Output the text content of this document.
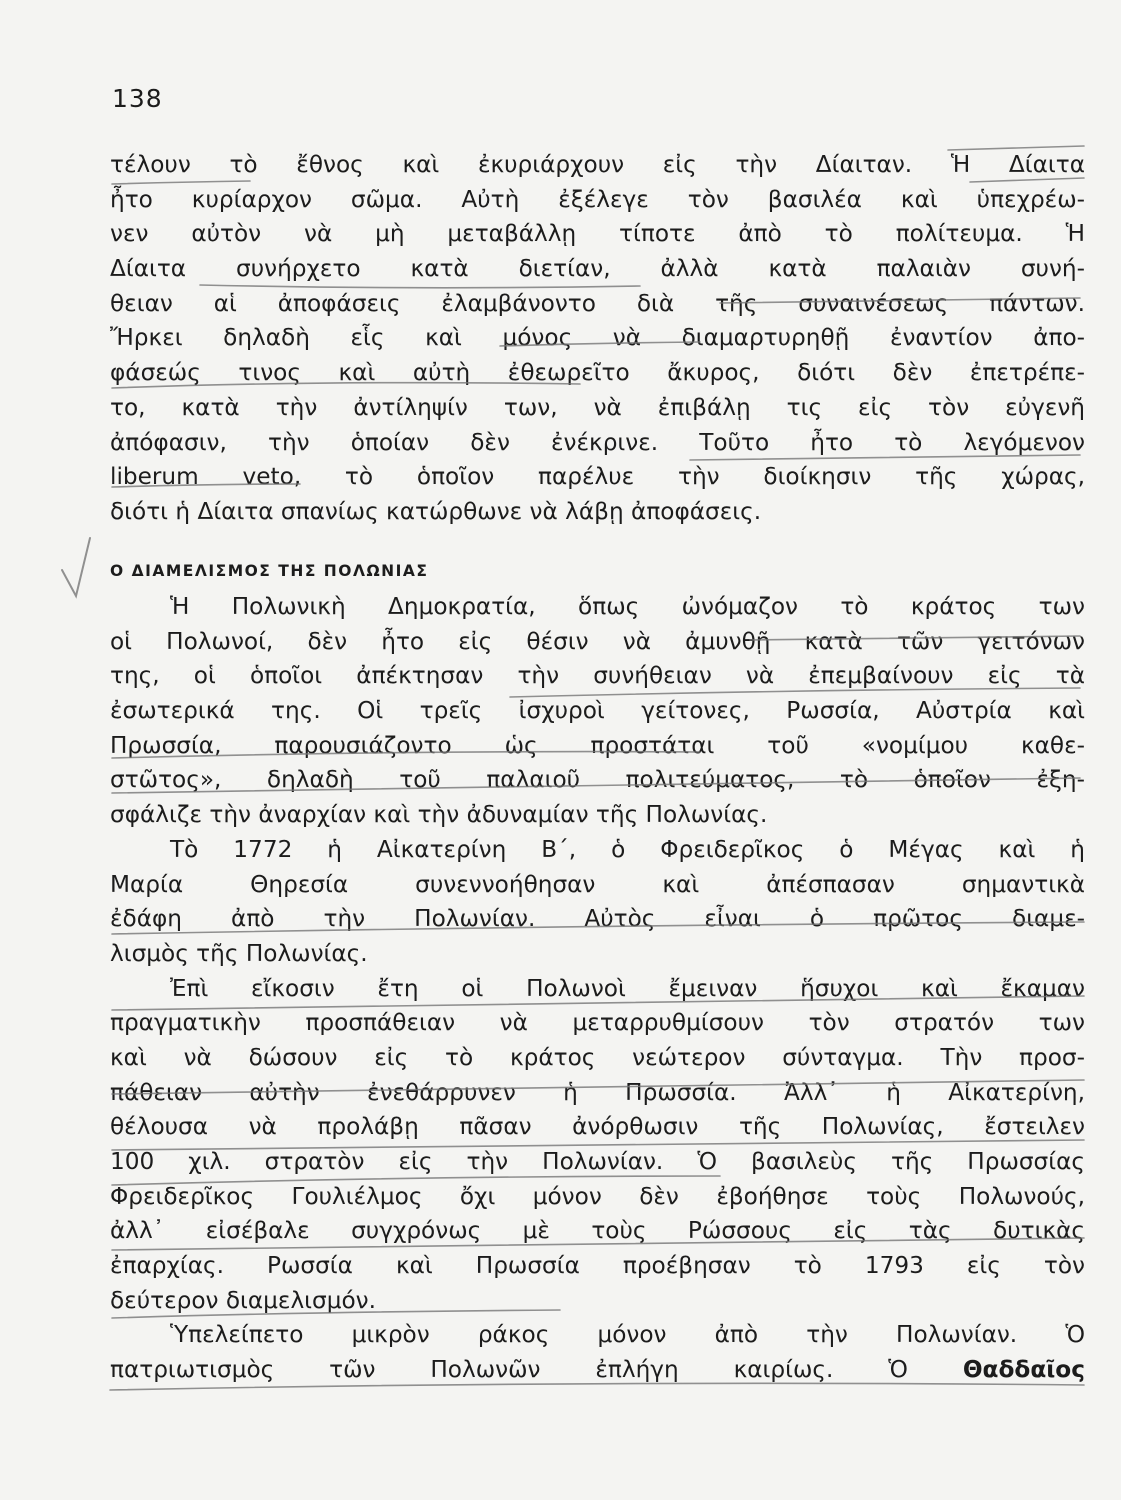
138
τέλουν τὸ ἔθνος καὶ ἐκυριάρχουν εἰς τὴν Δίαιταν. Ἡ Δίαιτα
ἦτο κυρίαρχον σῶμα. Αὐτὴ ἐξέλεγε τὸν βασιλέα καὶ ὑπεχρέω-
νεν αὐτὸν νὰ μὴ μεταβάλλῃ τίποτε ἀπὸ τὸ πολίτευμα. Ἡ
Δίαιτα συνήρχετο κατὰ διετίαν, ἀλλὰ κατὰ παλαιὰν συνή-
θειαν αἱ ἀποφάσεις ἐλαμβάνοντο διὰ τῆς συναινέσεως πάντων.
Ἤρκει δηλαδὴ εἷς καὶ μόνος νὰ διαμαρτυρηθῇ ἐναντίον ἀπο-
φάσεώς τινος καὶ αὐτὴ ἐθεωρεῖτο ἄκυρος, διότι δὲν ἐπετρέπε-
το, κατὰ τὴν ἀντίληψίν των, νὰ ἐπιβάλῃ τις εἰς τὸν εὐγενῆ
ἀπόφασιν, τὴν ὁποίαν δὲν ἐνέκρινε. Τοῦτο ἦτο τὸ λεγόμενον
liberum veto, τὸ ὁποῖον παρέλυε τὴν διοίκησιν τῆς χώρας,
διότι ἡ Δίαιτα σπανίως κατώρθωνε νὰ λάβῃ ἀποφάσεις.
Ο ΔΙΑΜΕΛΙΣΜΟΣ ΤΗΣ ΠΟΛΩΝΙΑΣ
Ἡ Πολωνικὴ Δημοκρατία, ὅπως ὠνόμαζον τὸ κράτος των
οἱ Πολωνοί, δὲν ἦτο εἰς θέσιν νὰ ἀμυνθῇ κατὰ τῶν γειτόνων
της, οἱ ὁποῖοι ἀπέκτησαν τὴν συνήθειαν νὰ ἐπεμβαίνουν εἰς τὰ
ἐσωτερικά της. Οἱ τρεῖς ἰσχυροὶ γείτονες, Ρωσσία, Αὐστρία καὶ
Πρωσσία, παρουσιάζοντο ὡς προστάται τοῦ «νομίμου καθε-
στῶτος», δηλαδὴ τοῦ παλαιοῦ πολιτεύματος, τὸ ὁποῖον ἐξη-
σφάλιζε τὴν ἀναρχίαν καὶ τὴν ἀδυναμίαν τῆς Πολωνίας.
Τὸ 1772 ἡ Αἰκατερίνη Β΄, ὁ Φρειδερῖκος ὁ Μέγας καὶ ἡ
Μαρία Θηρεσία συνεννοήθησαν καὶ ἀπέσπασαν σημαντικὰ
ἐδάφη ἀπὸ τὴν Πολωνίαν. Αὐτὸς εἶναι ὁ πρῶτος διαμε-
λισμὸς τῆς Πολωνίας.
Ἐπὶ εἴκοσιν ἔτη οἱ Πολωνοὶ ἔμειναν ἥσυχοι καὶ ἔκαμαν
πραγματικὴν προσπάθειαν νὰ μεταρρυθμίσουν τὸν στρατόν των
καὶ νὰ δώσουν εἰς τὸ κράτος νεώτερον σύνταγμα. Τὴν προσ-
πάθειαν αὐτὴν ἐνεθάρρυνεν ἡ Πρωσσία. Ἀλλ᾽ ἡ Αἰκατερίνη,
θέλουσα νὰ προλάβῃ πᾶσαν ἀνόρθωσιν τῆς Πολωνίας, ἔστειλεν
100 χιλ. στρατὸν εἰς τὴν Πολωνίαν. Ὁ βασιλεὺς τῆς Πρωσσίας
Φρειδερῖκος Γουλιέλμος ὄχι μόνον δὲν ἐβοήθησε τοὺς Πολωνούς,
ἀλλ᾽ εἰσέβαλε συγχρόνως μὲ τοὺς Ρώσσους εἰς τὰς δυτικὰς
ἐπαρχίας. Ρωσσία καὶ Πρωσσία προέβησαν τὸ 1793 εἰς τὸν
δεύτερον διαμελισμόν.
Ὑπελείπετο μικρὸν ράκος μόνον ἀπὸ τὴν Πολωνίαν. Ὁ
πατριωτισμὸς τῶν Πολωνῶν ἐπλήγη καιρίως. Ὁ Θαδδαῖος
